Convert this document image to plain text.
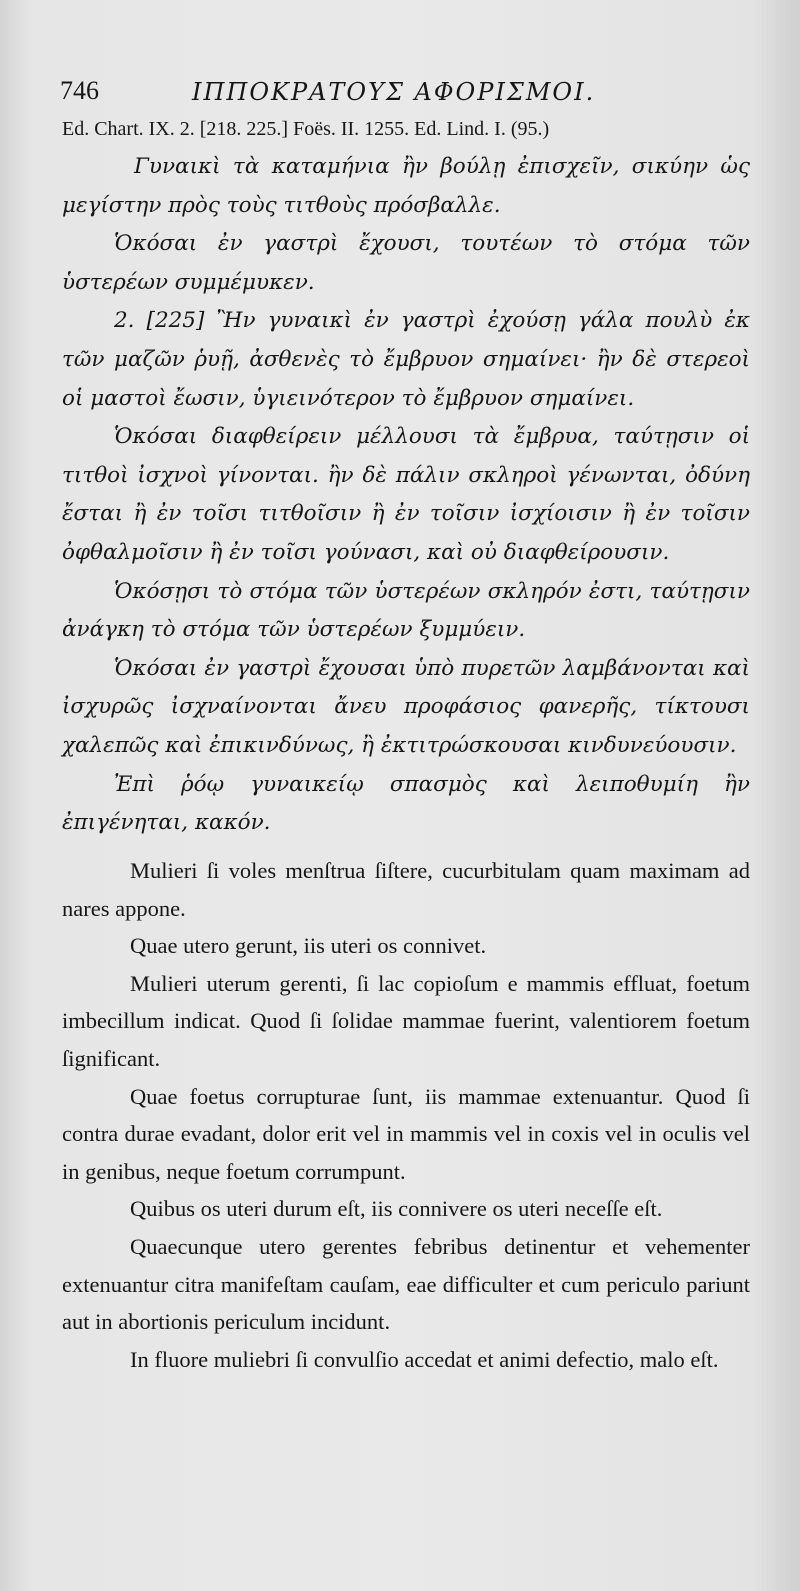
746	ΙΠΠΟΚΡΑΤΟΥΣ ΑΦΟΡΙΣΜΟΙ.
Ed. Chart. IX. 2. [218. 225.] Foës. II. 1255. Ed. Lind. I. (95.)

Γυναικὶ τὰ καταμήνια ἢν βούλῃ ἐπισχεῖν, σικύην ὡς μεγίστην πρὸς τοὺς τιτθοὺς πρόσβαλλε.

Ὁκόσαι ἐν γαστρὶ ἔχουσι, τουτέων τὸ στόμα τῶν ὑστερέων συμμέμυκεν.

2. [225] Ἢν γυναικὶ ἐν γαστρὶ ἐχούσῃ γάλα πουλὺ ἐκ τῶν μαζῶν ῥυῇ, ἀσθενὲς τὸ ἔμβρυον σημαίνει· ἢν δὲ στερεοὶ οἱ μαστοὶ ἔωσιν, ὑγιεινότερον τὸ ἔμβρυον σημαίνει.

Ὁκόσαι διαφθείρειν μέλλουσι τὰ ἔμβρυα, ταύτῃσιν οἱ τιτθοὶ ἰσχνοὶ γίνονται. ἢν δὲ πάλιν σκληροὶ γένωνται, ὀδύνη ἔσται ἢ ἐν τοῖσι τιτθοῖσιν ἢ ἐν τοῖσιν ἰσχίοισιν ἢ ἐν τοῖσιν ὀφθαλμοῖσιν ἢ ἐν τοῖσι γούνασι, καὶ οὐ διαφθείρουσιν.

Ὁκόσῃσι τὸ στόμα τῶν ὑστερέων σκληρόν ἐστι, ταύτῃσιν ἀνάγκη τὸ στόμα τῶν ὑστερέων ξυμμύειν.

Ὁκόσαι ἐν γαστρὶ ἔχουσαι ὑπὸ πυρετῶν λαμβάνονται καὶ ἰσχυρῶς ἰσχναίνονται ἄνευ προφάσιος φανερῆς, τίκτουσι χαλεπῶς καὶ ἐπικινδύνως, ἢ ἐκτιτρώσκουσαι κινδυνεύουσιν.

Ἐπὶ ῥόῳ γυναικείῳ σπασμὸς καὶ λειποθυμίη ἢν ἐπιγένηται, κακόν.

Mulieri ſi voles menſtrua ſiſtere, cucurbitulam quam maximam ad nares appone.

Quae utero gerunt, iis uteri os connivet.

Mulieri uterum gerenti, ſi lac copioſum e mammis effluat, foetum imbecillum indicat. Quod ſi ſolidae mammae fuerint, valentiorem foetum ſignificant.

Quae foetus corrupturae ſunt, iis mammae extenuantur. Quod ſi contra durae evadant, dolor erit vel in mammis vel in coxis vel in oculis vel in genibus, neque foetum corrumpunt.

Quibus os uteri durum eſt, iis connivere os uteri neceſſe eſt.

Quaecunque utero gerentes febribus detinentur et vehementer extenuantur citra manifeſtam cauſam, eae difficulter et cum periculo pariunt aut in abortionis periculum incidunt.

In fluore muliebri ſi convulſio accedat et animi defectio, malo eſt.
